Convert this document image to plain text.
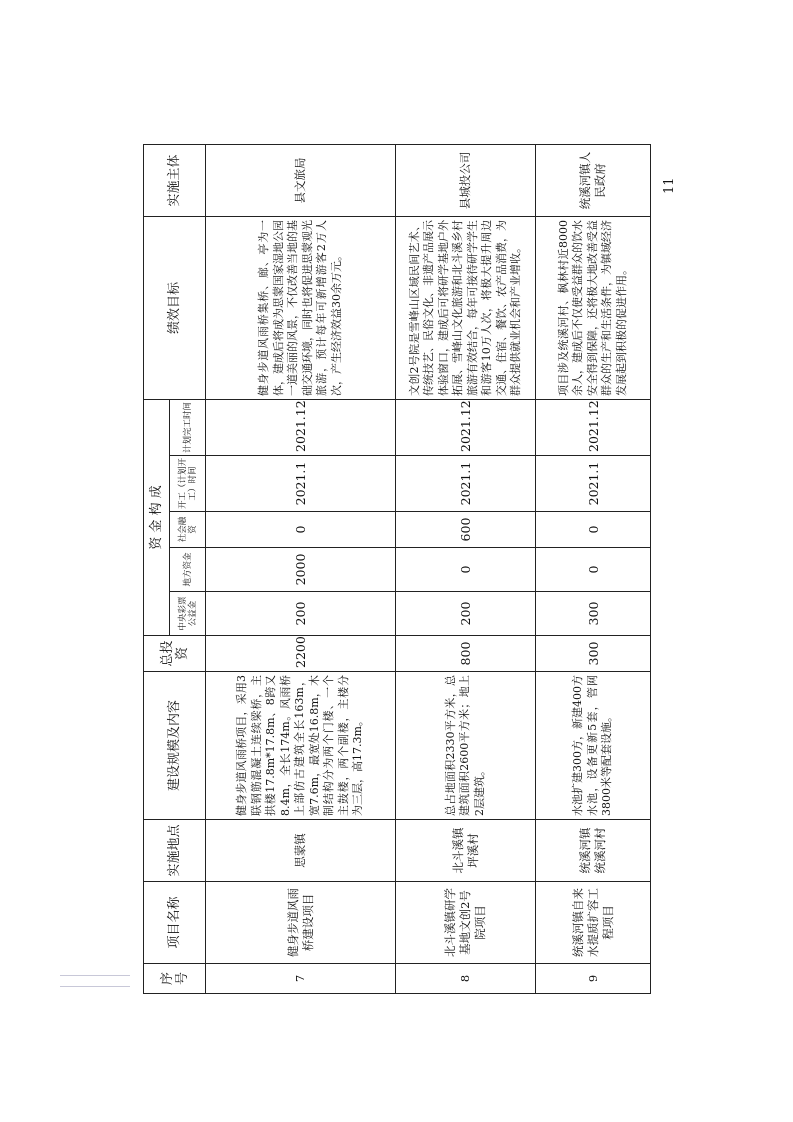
11
序号	项目名称	实施地点	建设规模及内容	总投资	资 金 构 成					绩效目标	实施主体
					中央彩票公益金	地方资金	社会融资	开工（计划开工）时间	计划完工时间		
7	健身步道风雨桥建设项目	思蒙镇	健身步道风雨桥项目，采用3联钢筋混凝土连续梁桥，主拱楼17.8m*17.8m、8跨又8.4m，全长174m。风雨桥上部仿古建筑全长163m，宽7.6m，最宽处16.8m，木制结构分为两个门楼、一个主鼓楼，两个副楼，主楼分为三层，高17.3m。	2200	200	2000	0	2021.1	2021.12	健身步道风雨桥集桥、廊、亭为一体，建成后将成为思蒙国家湿地公园一道美丽的风景，不仅改善当地的基础交通环境，同时也将促进思蒙观光旅游，预计每年可新增游客2万人次，产生经济效益30余万元。	县文旅局
8	北斗溪镇研学基地文创2号院项目	北斗溪镇坪溪村	总占地面积2330平方米，总建筑面积2600平方米；地上2层建筑。	800	200	0	600	2021.1	2021.12	文创2号院是雪峰山区域民间艺术、传统技艺、民俗文化、非遗产品展示体验窗口，建成后可将研学基地户外拓展、雪峰山文化旅游和北斗溪乡村旅游有效结合，每年可接待研学学生和游客10万人次，将极大提升周边交通、住宿、餐饮、农产品消费，为群众提供就业机会和产业增收。	县城投公司
9	统溪河镇自来水提质扩容工程项目	统溪河镇统溪河村	水池扩建300方，新建400方水池，设备更新5套，管网3800米等配套设施。	300	300	0	0	2021.1	2021.12	项目涉及统溪河村、枫林村近8000余人，建成后不仅使受益群众的饮水安全得到保障，还将极大地改善受益群众的生产和生活条件，为镇域经济发展起到积极的促进作用。	统溪河镇人民政府
